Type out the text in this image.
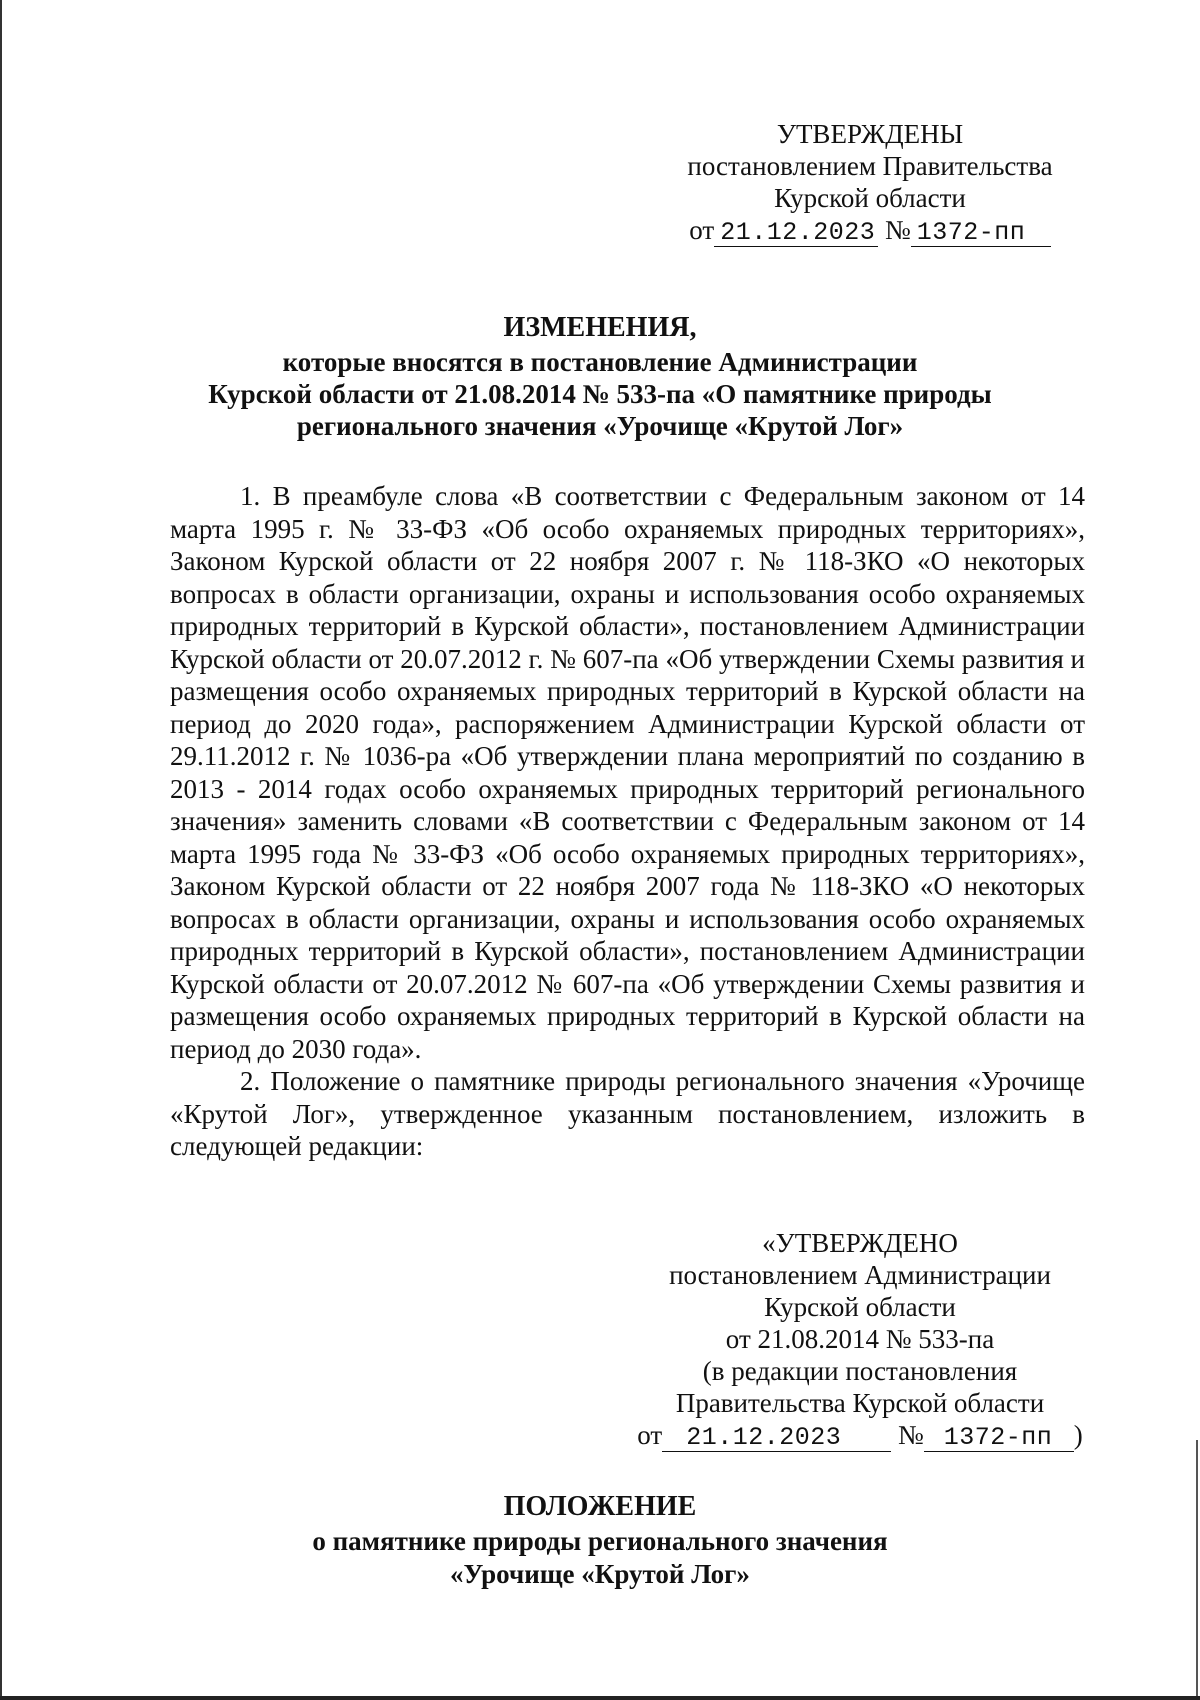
УТВЕРЖДЕНЫ
постановлением Правительства
Курской области
от 21.12.2023 № 1372-пп
ИЗМЕНЕНИЯ,
которые вносятся в постановление Администрации
Курской области от 21.08.2014 № 533-па «О памятнике природы
регионального значения «Урочище «Крутой Лог»

1. В преамбуле слова «В соответствии с Федеральным законом от 14 марта 1995 г. № 33-ФЗ «Об особо охраняемых природных территориях», Законом Курской области от 22 ноября 2007 г. № 118-ЗКО «О некоторых вопросах в области организации, охраны и использования особо охраняемых природных территорий в Курской области», постановлением Администрации Курской области от 20.07.2012 г. № 607-па «Об утверждении Схемы развития и размещения особо охраняемых природных территорий в Курской области на период до 2020 года», распоряжением Администрации Курской области от 29.11.2012 г. № 1036-ра «Об утверждении плана мероприятий по созданию в 2013 - 2014 годах особо охраняемых природных территорий регионального значения» заменить словами «В соответствии с Федеральным законом от 14 марта 1995 года № 33-ФЗ «Об особо охраняемых природных территориях», Законом Курской области от 22 ноября 2007 года № 118-ЗКО «О некоторых вопросах в области организации, охраны и использования особо охраняемых природных территорий в Курской области», постановлением Администрации Курской области от 20.07.2012 № 607-па «Об утверждении Схемы развития и размещения особо охраняемых природных территорий в Курской области на период до 2030 года».

2. Положение о памятнике природы регионального значения «Урочище «Крутой Лог», утвержденное указанным постановлением, изложить в следующей редакции:

«УТВЕРЖДЕНО
постановлением Администрации
Курской области
от 21.08.2014 № 533-па
(в редакции постановления
Правительства Курской области
от 21.12.2023 № 1372-пп )
ПОЛОЖЕНИЕ
о памятнике природы регионального значения
«Урочище «Крутой Лог»
